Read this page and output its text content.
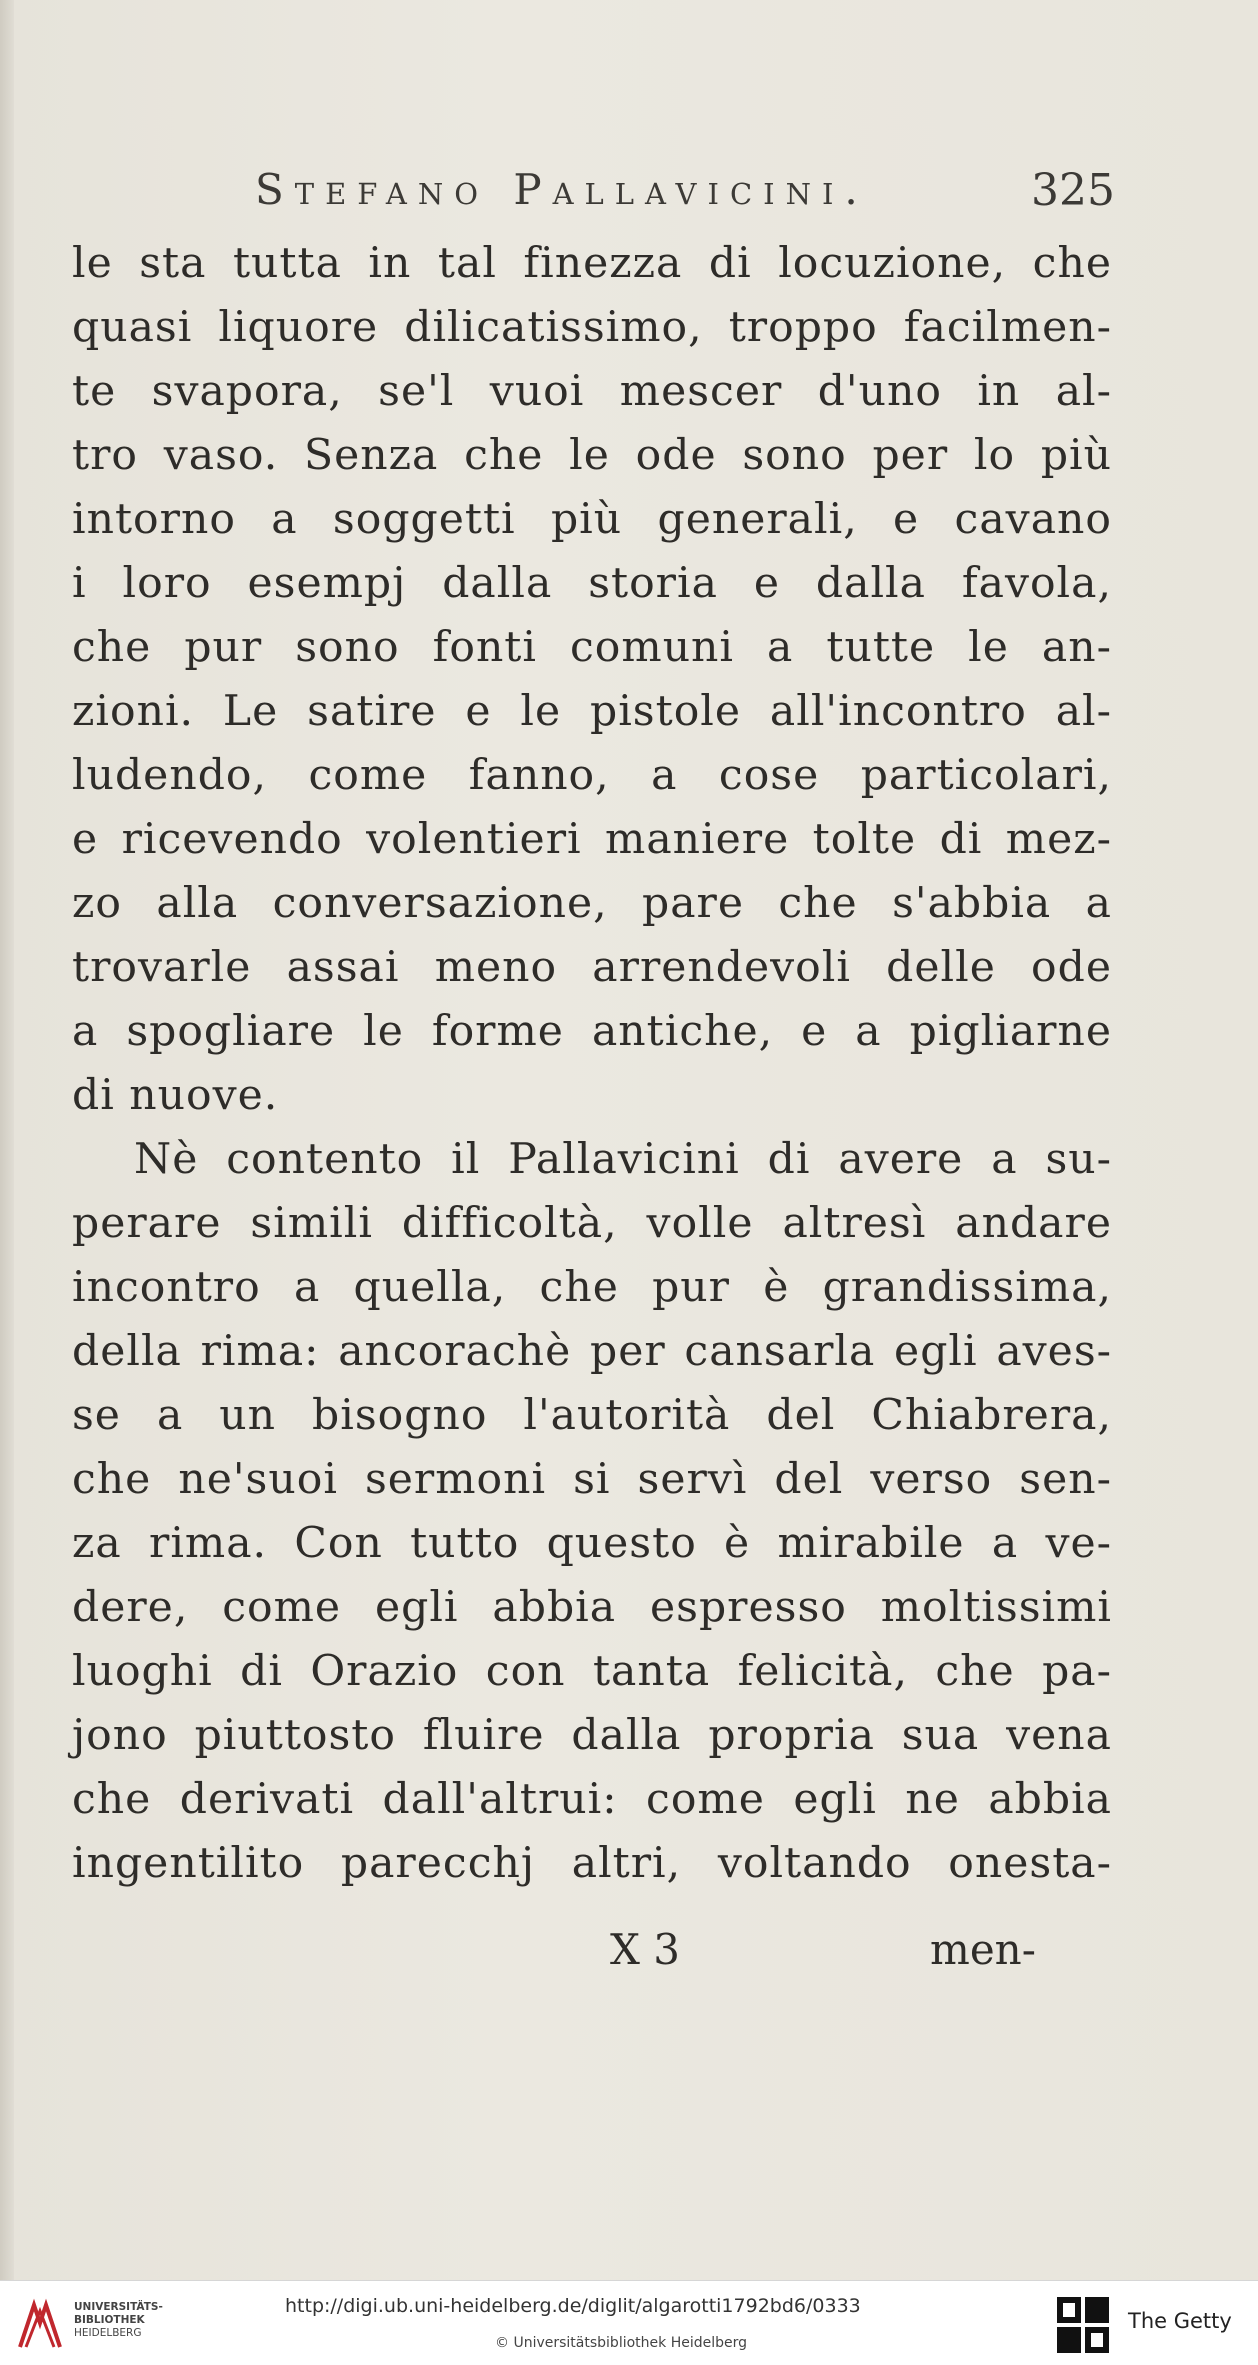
Stefano Pallavicini.	325
le sta tutta in tal finezza di locuzione, che
quasi liquore dilicatissimo, troppo facilmen-
te svapora, se'l vuoi mescer d'uno in al-
tro vaso. Senza che le ode sono per lo più
intorno a soggetti più generali, e cavano
i loro esempj dalla storia e dalla favola,
che pur sono fonti comuni a tutte le an-
zioni. Le satire e le pistole all'incontro al-
ludendo, come fanno, a cose particolari,
e ricevendo volentieri maniere tolte di mez-
zo alla conversazione, pare che s'abbia a
trovarle assai meno arrendevoli delle ode
a spogliare le forme antiche, e a pigliarne
di nuove.
Nè contento il Pallavicini di avere a su-
perare simili difficoltà, volle altresì andare
incontro a quella, che pur è grandissima,
della rima: ancorachè per cansarla egli aves-
se a un bisogno l'autorità del Chiabrera,
che ne'suoi sermoni si servì del verso sen-
za rima. Con tutto questo è mirabile a ve-
dere, come egli abbia espresso moltissimi
luoghi di Orazio con tanta felicità, che pa-
jono piuttosto fluire dalla propria sua vena
che derivati dall'altrui: come egli ne abbia
ingentilito parecchj altri, voltando onesta-
X 3	men-
UNIVERSITÄTS-
BIBLIOTHEK
HEIDELBERG
http://digi.ub.uni-heidelberg.de/diglit/algarotti1792bd6/0333
© Universitätsbibliothek Heidelberg
The Getty
